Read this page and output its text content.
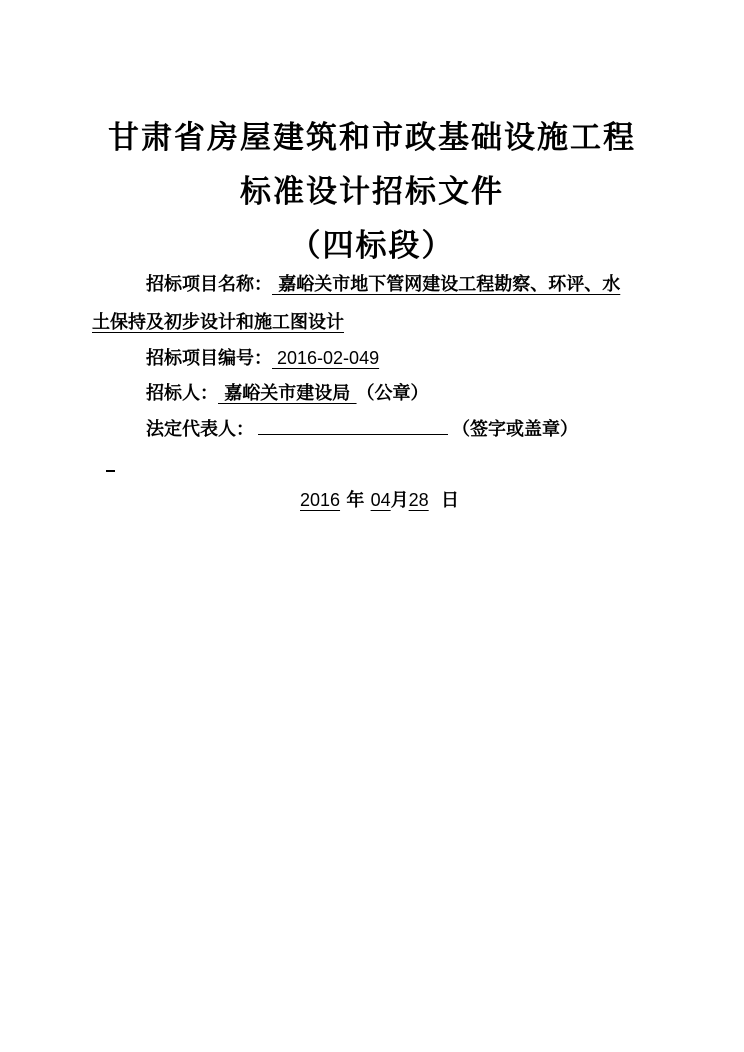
甘肃省房屋建筑和市政基础设施工程
标准设计招标文件
（四标段）
招标项目名称： 嘉峪关市地下管网建设工程勘察、环评、水
土保持及初步设计和施工图设计
招标项目编号： 2016-02-049
招标人： 嘉峪关市建设局 （公章）
法定代表人：	（签字或盖章）
2016 年 04月28 日
